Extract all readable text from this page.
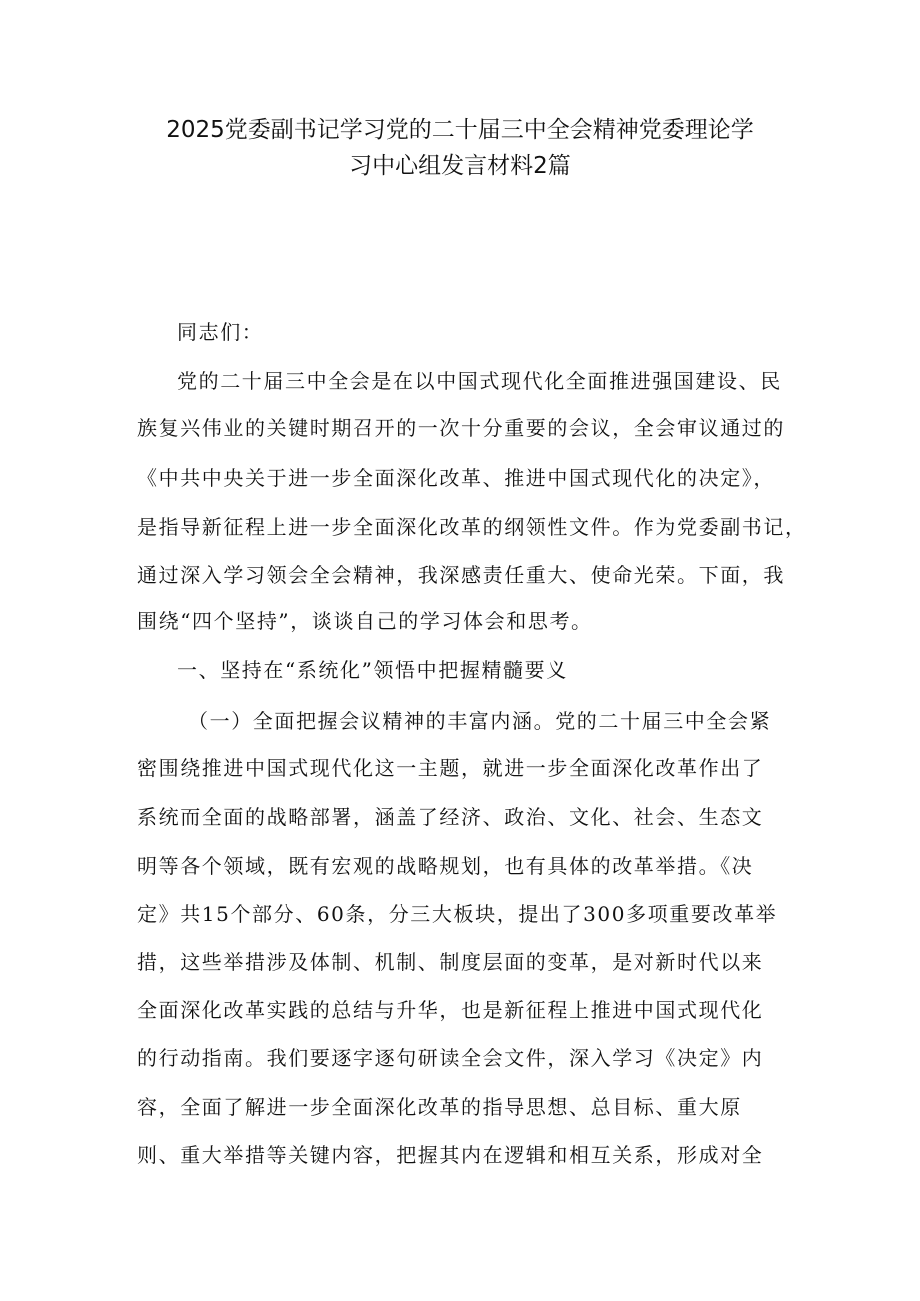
2025党委副书记学习党的二十届三中全会精神党委理论学
习中心组发言材料2篇
同志们：
党的二十届三中全会是在以中国式现代化全面推进强国建设、民
族复兴伟业的关键时期召开的一次十分重要的会议，全会审议通过的
《中共中央关于进一步全面深化改革、推进中国式现代化的决定》，
是指导新征程上进一步全面深化改革的纲领性文件。作为党委副书记，
通过深入学习领会全会精神，我深感责任重大、使命光荣。下面，我
围绕“四个坚持”，谈谈自己的学习体会和思考。
一、坚持在“系统化”领悟中把握精髓要义
（一）全面把握会议精神的丰富内涵。党的二十届三中全会紧
密围绕推进中国式现代化这一主题，就进一步全面深化改革作出了
系统而全面的战略部署，涵盖了经济、政治、文化、社会、生态文
明等各个领域，既有宏观的战略规划，也有具体的改革举措。《决
定》共15个部分、60条，分三大板块，提出了300多项重要改革举
措，这些举措涉及体制、机制、制度层面的变革，是对新时代以来
全面深化改革实践的总结与升华，也是新征程上推进中国式现代化
的行动指南。我们要逐字逐句研读全会文件，深入学习《决定》内
容，全面了解进一步全面深化改革的指导思想、总目标、重大原
则、重大举措等关键内容，把握其内在逻辑和相互关系，形成对全
